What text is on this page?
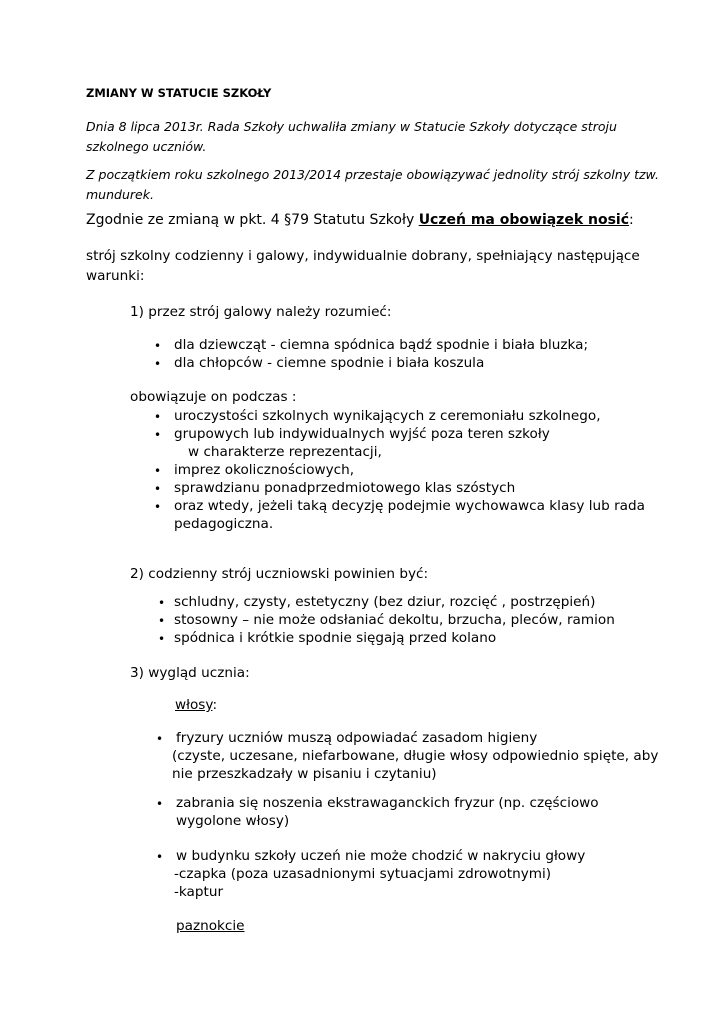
ZMIANY W STATUCIE SZKOŁY
Dnia 8 lipca 2013r. Rada Szkoły uchwaliła zmiany w Statucie Szkoły dotyczące stroju
szkolnego uczniów.
Z początkiem roku szkolnego 2013/2014 przestaje obowiązywać jednolity strój szkolny tzw.
mundurek.
Zgodnie ze zmianą w pkt. 4 §79 Statutu Szkoły Uczeń ma obowiązek nosić:
strój szkolny codzienny i galowy, indywidualnie dobrany, spełniający następujące
warunki:
1) przez strój galowy należy rozumieć:
• dla dziewcząt - ciemna spódnica bądź spodnie i biała bluzka;
• dla chłopców - ciemne spodnie i biała koszula
obowiązuje on podczas :
• uroczystości szkolnych wynikających z ceremoniału szkolnego,
• grupowych lub indywidualnych wyjść poza teren szkoły
w charakterze reprezentacji,
• imprez okolicznościowych,
• sprawdzianu ponadprzedmiotowego klas szóstych
• oraz wtedy, jeżeli taką decyzję podejmie wychowawca klasy lub rada
pedagogiczna.
2) codzienny strój uczniowski powinien być:
• schludny, czysty, estetyczny (bez dziur, rozcięć , postrzępień)
• stosowny – nie może odsłaniać dekoltu, brzucha, pleców, ramion
• spódnica i krótkie spodnie sięgają przed kolano
3) wygląd ucznia:
włosy:
• fryzury uczniów muszą odpowiadać zasadom higieny
(czyste, uczesane, niefarbowane, długie włosy odpowiednio spięte, aby
nie przeszkadzały w pisaniu i czytaniu)
• zabrania się noszenia ekstrawaganckich fryzur (np. częściowo
wygolone włosy)
• w budynku szkoły uczeń nie może chodzić w nakryciu głowy
-czapka (poza uzasadnionymi sytuacjami zdrowotnymi)
-kaptur
paznokcie
